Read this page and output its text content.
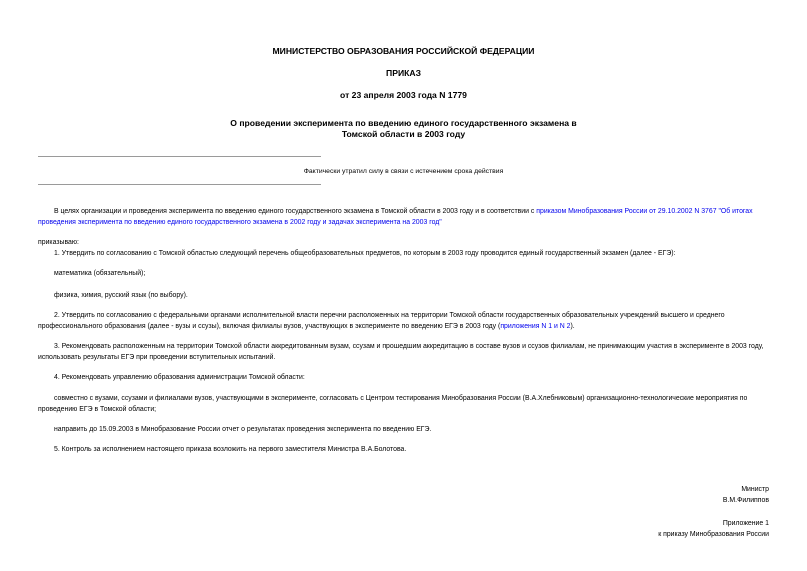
МИНИСТЕРСТВО ОБРАЗОВАНИЯ РОССИЙСКОЙ ФЕДЕРАЦИИ
ПРИКАЗ
от 23 апреля 2003 года N 1779
О проведении эксперимента по введению единого государственного экзамена в
Томской области в 2003 году
Фактически утратил силу в связи с истечением срока действия
В целях организации и проведения эксперимента по введению единого государственного экзамена в Томской области в 2003 году и в соответствии с приказом Минобразования России от 29.10.2002 N 3767 "Об итогах проведения эксперимента по введению единого государственного экзамена в 2002 году и задачах эксперимента на 2003 год"
приказываю:
1. Утвердить по согласованию с Томской областью следующий перечень общеобразовательных предметов, по которым в 2003 году проводится единый государственный экзамен (далее - ЕГЭ):
математика (обязательный);
физика, химия, русский язык (по выбору).
2. Утвердить по согласованию с федеральными органами исполнительной власти перечни расположенных на территории Томской области государственных образовательных учреждений высшего и среднего профессионального образования (далее - вузы и ссузы), включая филиалы вузов, участвующих в эксперименте по введению ЕГЭ в 2003 году (приложения N 1 и N 2).
3. Рекомендовать расположенным на территории Томской области аккредитованным вузам, ссузам и прошедшим аккредитацию в составе вузов и ссузов филиалам, не принимающим участия в эксперименте в 2003 году, использовать результаты ЕГЭ при проведении вступительных испытаний.
4. Рекомендовать управлению образования администрации Томской области:
совместно с вузами, ссузами и филиалами вузов, участвующими в эксперименте, согласовать с Центром тестирования Минобразования России (В.А.Хлебниковым) организационно-технологические мероприятия по проведению ЕГЭ в Томской области;
направить до 15.09.2003 в Минобразование России отчет о результатах проведения эксперимента по введению ЕГЭ.
5. Контроль за исполнением настоящего приказа возложить на первого заместителя Министра В.А.Болотова.
Министр
В.М.Филиппов
Приложение 1
к приказу Минобразования России
